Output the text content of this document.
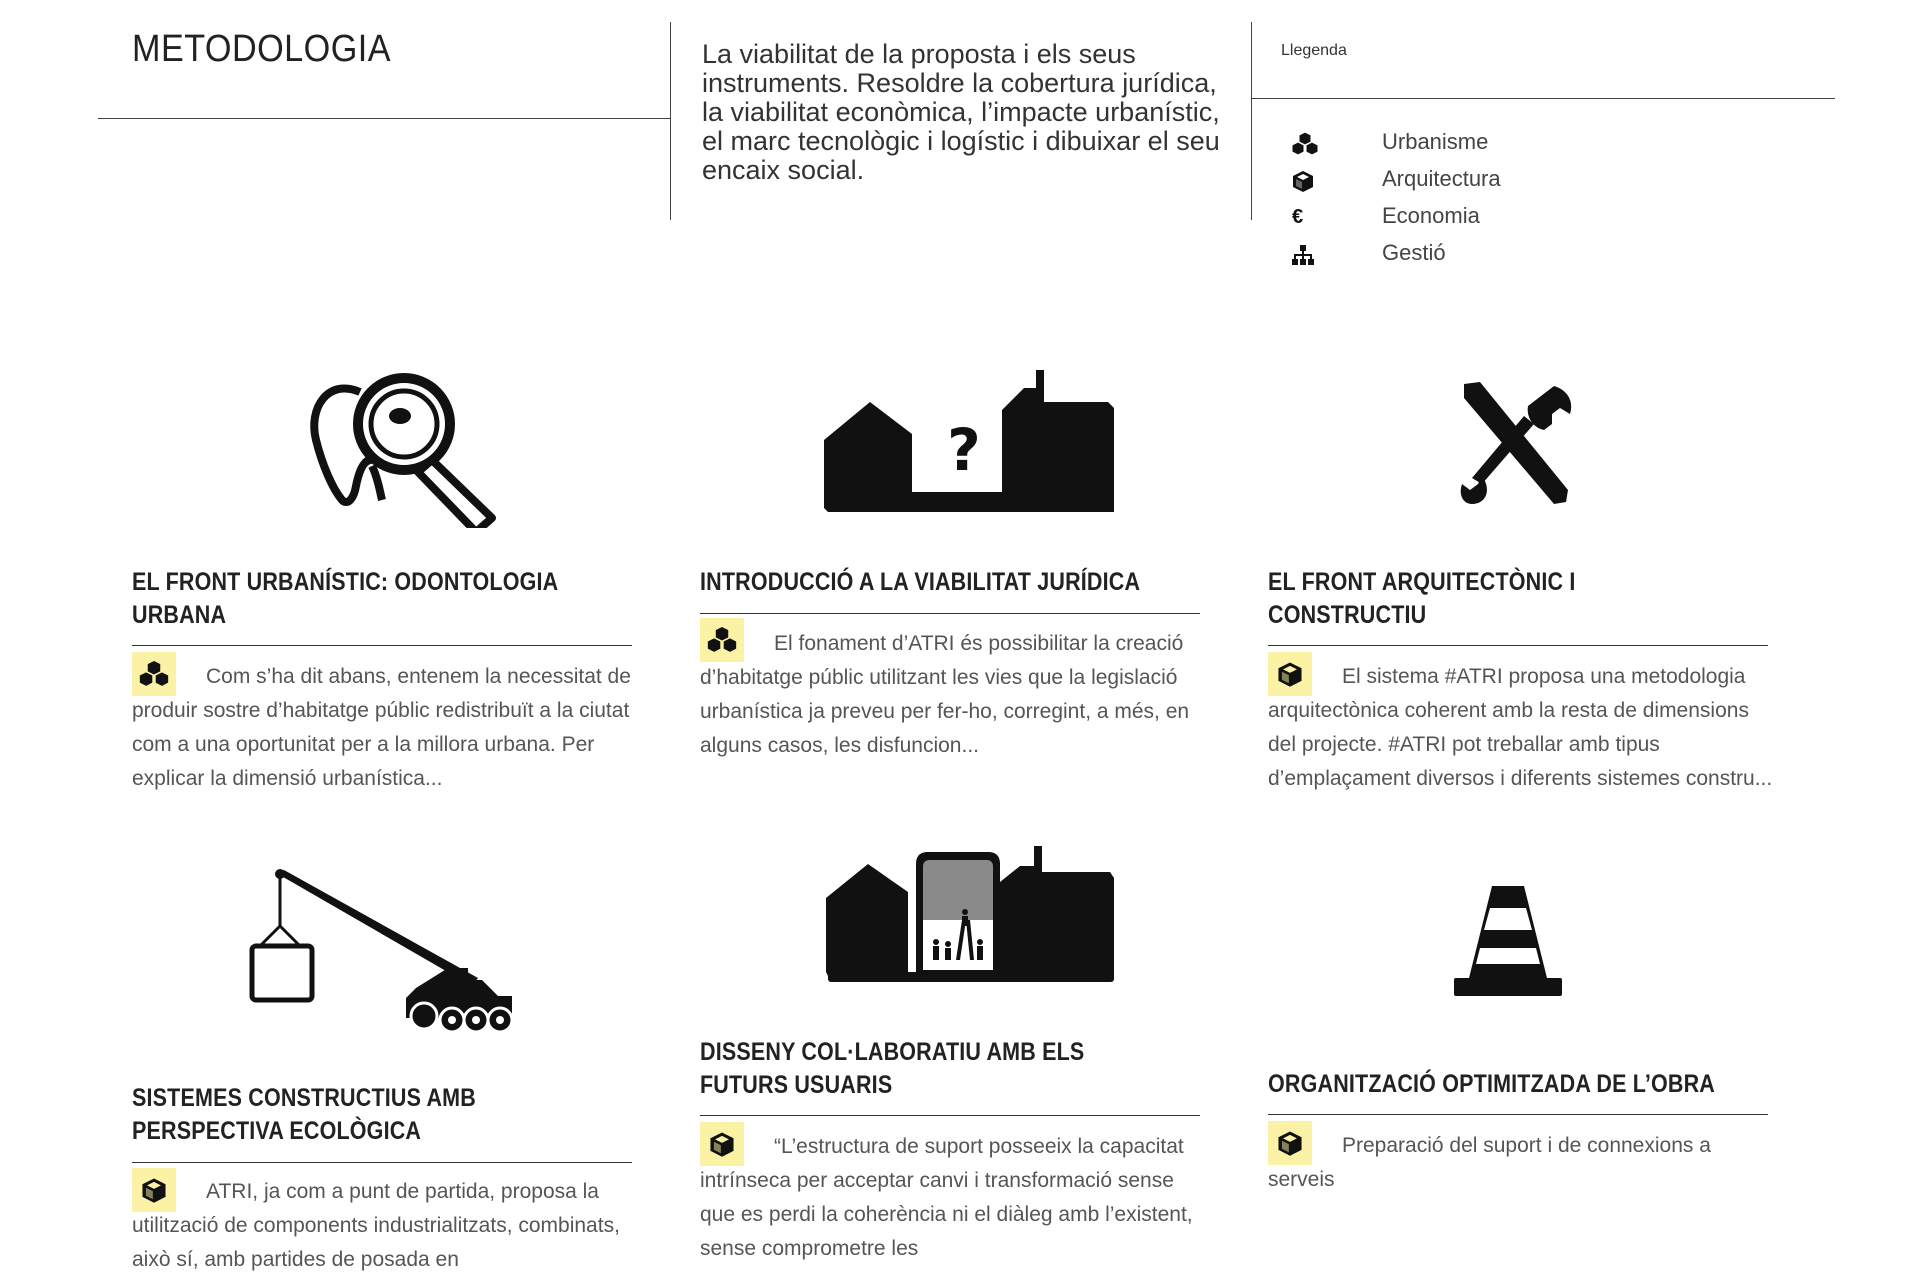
METODOLOGIA	La viabilitat de la proposta i els seus instruments. Resoldre la cobertura jurídica, la viabilitat econòmica, l’impacte urbanístic, el marc tecnològic i logístic i dibuixar el seu encaix social.

Llegenda
Urbanisme
Arquitectura
€	Economia
Gestió
EL FRONT URBANÍSTIC: ODONTOLOGIA URBANA

Com s’ha dit abans, entenem la necessitat de produir sostre d’habitatge públic redistribuït a la ciutat com a una oportunitat per a la millora urbana. Per explicar la dimensió urbanística...

?
INTRODUCCIÓ A LA VIABILITAT JURÍDICA

El fonament d’ATRI és possibilitar la creació d’habitatge públic utilitzant les vies que la legislació urbanística ja preveu per fer-ho, corregint, a més, en alguns casos, les disfuncion...

EL FRONT ARQUITECTÒNIC I CONSTRUCTIU

El sistema #ATRI proposa una metodologia arquitectònica coherent amb la resta de dimensions del projecte. #ATRI pot treballar amb tipus d’emplaçament diversos i diferents sistemes constru...

SISTEMES CONSTRUCTIUS AMB PERSPECTIVA ECOLÒGICA

ATRI, ja com a punt de partida, proposa la utilització de components industrialitzats, combinats, això sí, amb partides de posada en

DISSENY COL·LABORATIU AMB ELS FUTURS USUARIS

“L’estructura de suport posseeix la capacitat intrínseca per acceptar canvi i transformació sense que es perdi la coherència ni el diàleg amb l’existent, sense comprometre les

ORGANITZACIÓ OPTIMITZADA DE L’OBRA

Preparació del suport i de connexions a serveis
